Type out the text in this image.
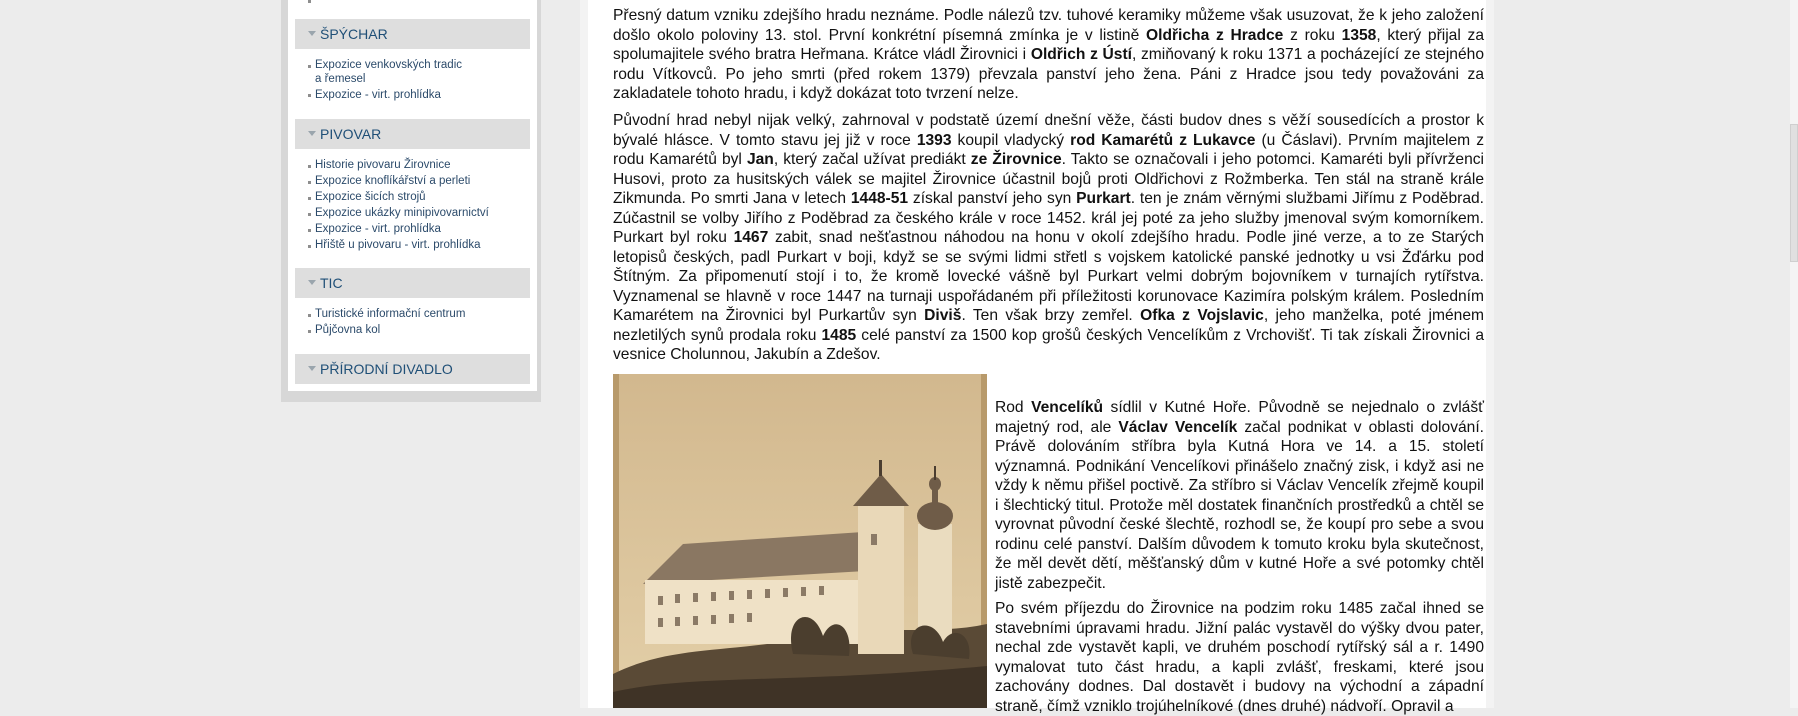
ŠPÝCHAR
Expozice venkovských tradic
a řemesel
Expozice - virt. prohlídka
PIVOVAR
Historie pivovaru Žirovnice
Expozice knoflíkářství a perleti
Expozice šicích strojů
Expozice ukázky minipivovarnictví
Expozice - virt. prohlídka
Hřiště u pivovaru - virt. prohlídka
TIC
Turistické informační centrum
Půjčovna kol
PŘÍRODNÍ DIVADLO
Přesný datum vzniku zdejšího hradu neznáme. Podle nálezů tzv. tuhové keramiky můžeme však usuzovat, že k jeho založení došlo okolo poloviny 13. stol. První konkrétní písemná zmínka je v listině Oldřicha z Hradce z roku 1358, který přijal za spolumajitele svého bratra Heřmana. Krátce vládl Žirovnici i Oldřich z Ústí, zmiňovaný k roku 1371 a pocházející ze stejného rodu Vítkovců. Po jeho smrti (před rokem 1379) převzala panství jeho žena. Páni z Hradce jsou tedy považováni za zakladatele tohoto hradu, i když dokázat toto tvrzení nelze.
Původní hrad nebyl nijak velký, zahrnoval v podstatě území dnešní věže, části budov dnes s věží sousedících a prostor k bývalé hlásce. V tomto stavu jej již v roce 1393 koupil vladycký rod Kamarétů z Lukavce (u Čáslavi). Prvním majitelem z rodu Kamarétů byl Jan, který začal užívat prediákt ze Žirovnice. Takto se označovali i jeho potomci. Kamaréti byli přívrženci Husovi, proto za husitských válek se majitel Žirovnice účastnil bojů proti Oldřichovi z Rožmberka. Ten stál na straně krále Zikmunda. Po smrti Jana v letech 1448-51 získal panství jeho syn Purkart. ten je znám věrnými službami Jiřímu z Poděbrad. Zúčastnil se volby Jiřího z Poděbrad za českého krále v roce 1452. král jej poté za jeho služby jmenoval svým komorníkem. Purkart byl roku 1467 zabit, snad nešťastnou náhodou na honu v okolí zdejšího hradu. Podle jiné verze, a to ze Starých letopisů českých, padl Purkart v boji, když se se svými lidmi střetl s vojskem katolické panské jednotky u vsi Žďárku pod Štítným. Za připomenutí stojí i to, že kromě lovecké vášně byl Purkart velmi dobrým bojovníkem v turnajích rytířstva. Vyznamenal se hlavně v roce 1447 na turnaji uspořádaném při příležitosti korunovace Kazimíra polským králem. Posledním Kamarétem na Žirovnici byl Purkartův syn Diviš. Ten však brzy zemřel. Ofka z Vojslavic, jeho manželka, poté jménem nezletilých synů prodala roku 1485 celé panství za 1500 kop grošů českých Vencelíkům z Vrchovišť. Ti tak získali Žirovnici a vesnice Cholunnou, Jakubín a Zdešov.
Rod Vencelíků sídlil v Kutné Hoře. Původně se nejednalo o zvlášť majetný rod, ale Václav Vencelík začal podnikat v oblasti dolování. Právě dolováním stříbra byla Kutná Hora ve 14. a 15. století významná. Podnikání Vencelíkovi přinášelo značný zisk, i když asi ne vždy k němu přišel poctivě. Za stříbro si Václav Vencelík zřejmě koupil i šlechtický titul. Protože měl dostatek finančních prostředků a chtěl se vyrovnat původní české šlechtě, rozhodl se, že koupí pro sebe a svou rodinu celé panství. Dalším důvodem k tomuto kroku byla skutečnost, že měl devět dětí, měšťanský dům v kutné Hoře a své potomky chtěl jistě zabezpečit.
Po svém příjezdu do Žirovnice na podzim roku 1485 začal ihned se stavebními úpravami hradu. Jižní palác vystavěl do výšky dvou pater, nechal zde vystavět kapli, ve druhém poschodí rytířský sál a r. 1490 vymalovat tuto část hradu, a kapli zvlášť, freskami, které jsou zachovány dodnes. Dal dostavět i budovy na východní a západní straně, čímž vzniklo trojúhelníkové (dnes druhé) nádvoří. Opravil a
